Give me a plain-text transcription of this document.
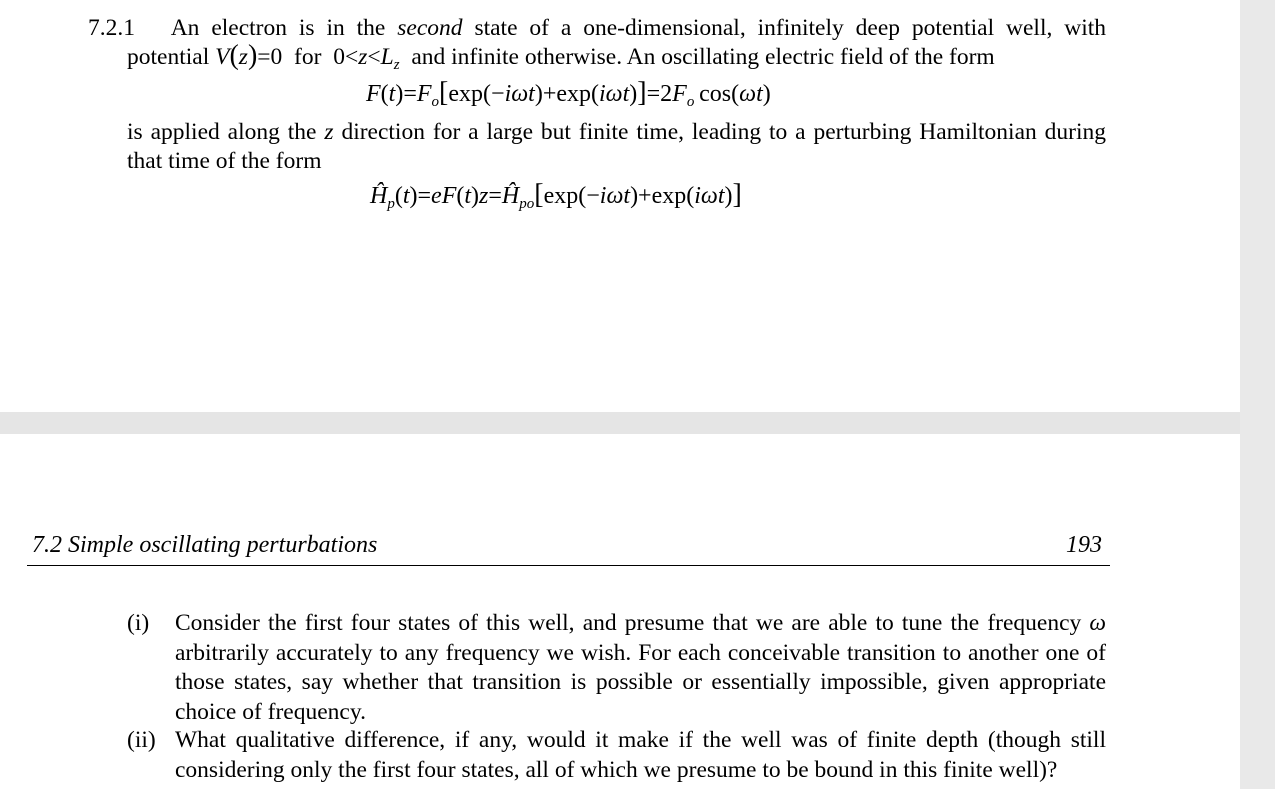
7.2.1 An electron is in the second state of a one-dimensional, infinitely deep potential well, with
potential V(z)=0 for $0<z<L_z$ and infinite otherwise. An oscillating electric field of the form
$F(t)=F_o[\exp(-i\omega t)+\exp(i\omega t)]=2F_o$ cos(ωt)
is applied along the z direction for a large but finite time, leading to a perturbing Hamiltonian during
that time of the form
$Ĥ_p(t)=eF(t)z=Ĥ_{po}[\exp(-i\omega t)+\exp(i\omega t)]$
7.2 Simple oscillating perturbations	193
(i) Consider the first four states of this well, and presume that we are able to tune the frequency ω arbitrarily accurately to any frequency we wish. For each conceivable transition to another one of those states, say whether that transition is possible or essentially impossible, given appropriate choice of frequency.
(ii) What qualitative difference, if any, would it make if the well was of finite depth (though still considering only the first four states, all of which we presume to be bound in this finite well)?
